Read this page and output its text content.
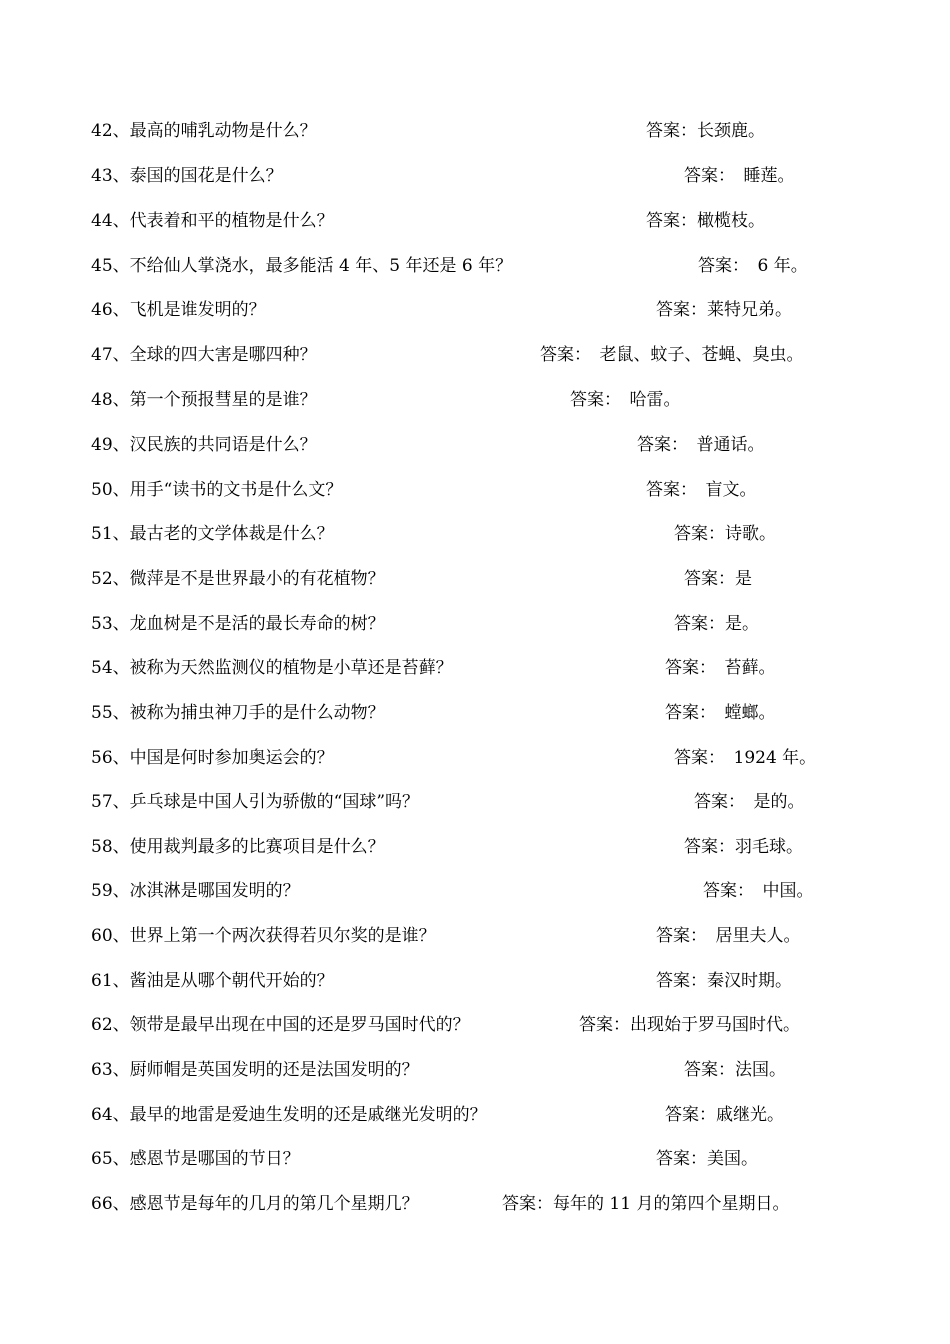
42、最高的哺乳动物是什么？	答案：长颈鹿。
43、泰国的国花是什么？	答案：　睡莲。
44、代表着和平的植物是什么？	答案：橄榄枝。
45、不给仙人掌浇水，最多能活 4 年、5 年还是 6 年？	答案：　6 年。
46、飞机是谁发明的？	答案：莱特兄弟。
47、全球的四大害是哪四种？	答案：　老鼠、蚊子、苍蝇、臭虫。
48、第一个预报彗星的是谁？	答案：　哈雷。
49、汉民族的共同语是什么？	答案：　普通话。
50、用手“读书的文书是什么文？	答案：　盲文。
51、最古老的文学体裁是什么？	答案：诗歌。
52、微萍是不是世界最小的有花植物？	答案：是
53、龙血树是不是活的最长寿命的树？	答案：是。
54、被称为天然监测仪的植物是小草还是苔藓？	答案：　苔藓。
55、被称为捕虫神刀手的是什么动物？	答案：　螳螂。
56、中国是何时参加奥运会的？	答案：　1924 年。
57、乒乓球是中国人引为骄傲的“国球”吗？	答案：　是的。
58、使用裁判最多的比赛项目是什么？	答案：羽毛球。
59、冰淇淋是哪国发明的？	答案：　中国。
60、世界上第一个两次获得若贝尔奖的是谁？	答案：　居里夫人。
61、酱油是从哪个朝代开始的？	答案：秦汉时期。
62、领带是最早出现在中国的还是罗马国时代的？	答案：出现始于罗马国时代。
63、厨师帽是英国发明的还是法国发明的？	答案：法国。
64、最早的地雷是爱迪生发明的还是戚继光发明的？	答案：戚继光。
65、感恩节是哪国的节日？	答案：美国。
66、感恩节是每年的几月的第几个星期几？	答案：每年的 11 月的第四个星期日。
